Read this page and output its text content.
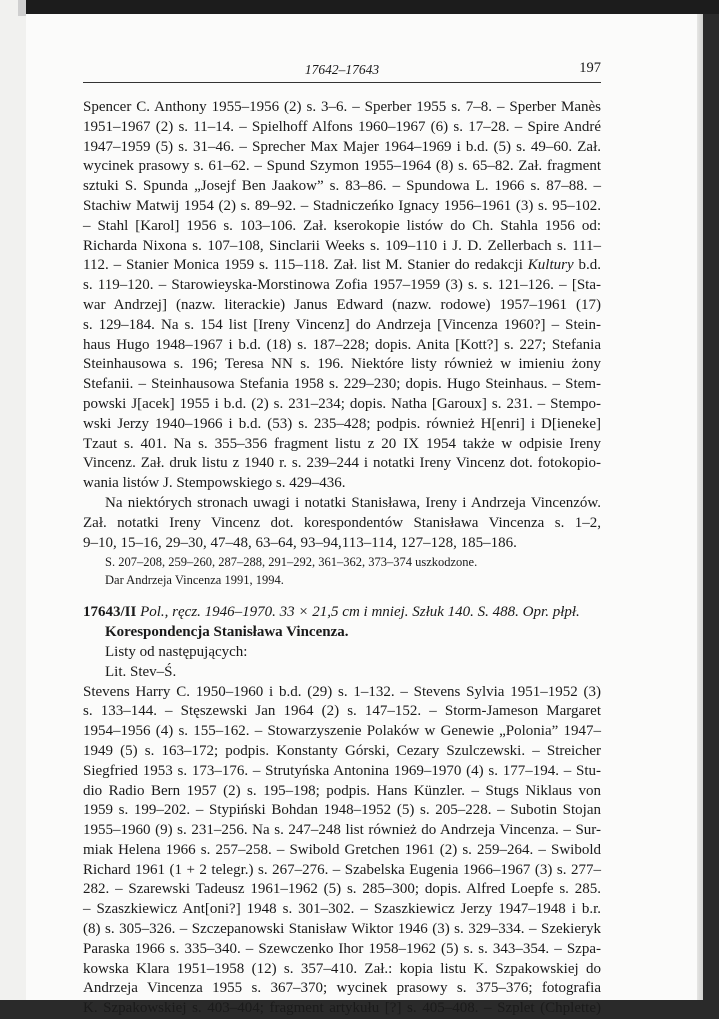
17642–17643	197
Spencer C. Anthony 1955–1956 (2) s. 3–6. – Sperber 1955 s. 7–8. – Sperber Manès
1951–1967 (2) s. 11–14. – Spielhoff Alfons 1960–1967 (6) s. 17–28. – Spire André
1947–1959 (5) s. 31–46. – Sprecher Max Majer 1964–1969 i b.d. (5) s. 49–60. Zał.
wycinek prasowy s. 61–62. – Spund Szymon 1955–1964 (8) s. 65–82. Zał. fragment
sztuki S. Spunda „Josejf Ben Jaakow” s. 83–86. – Spundowa L. 1966 s. 87–88. –
Stachiw Matwij 1954 (2) s. 89–92. – Stadniczeńko Ignacy 1956–1961 (3) s. 95–102.
– Stahl [Karol] 1956 s. 103–106. Zał. kserokopie listów do Ch. Stahla 1956 od:
Richarda Nixona s. 107–108, Sinclarii Weeks s. 109–110 i J. D. Zellerbach s. 111–
112. – Stanier Monica 1959 s. 115–118. Zał. list M. Stanier do redakcji Kultury b.d.
s. 119–120. – Starowieyska-Morstinowa Zofia 1957–1959 (3) s. s. 121–126. – [Sta-
war Andrzej] (nazw. literackie) Janus Edward (nazw. rodowe) 1957–1961 (17)
s. 129–184. Na s. 154 list [Ireny Vincenz] do Andrzeja [Vincenza 1960?] – Stein-
haus Hugo 1948–1967 i b.d. (18) s. 187–228; dopis. Anita [Kott?] s. 227; Stefania
Steinhausowa s. 196; Teresa NN s. 196. Niektóre listy również w imieniu żony
Stefanii. – Steinhausowa Stefania 1958 s. 229–230; dopis. Hugo Steinhaus. – Stem-
powski J[acek] 1955 i b.d. (2) s. 231–234; dopis. Natha [Garoux] s. 231. – Stempo-
wski Jerzy 1940–1966 i b.d. (53) s. 235–428; podpis. również H[enri] i D[ieneke]
Tzaut s. 401. Na s. 355–356 fragment listu z 20 IX 1954 także w odpisie Ireny
Vincenz. Zał. druk listu z 1940 r. s. 239–244 i notatki Ireny Vincenz dot. fotokopio-
wania listów J. Stempowskiego s. 429–436.
Na niektórych stronach uwagi i notatki Stanisława, Ireny i Andrzeja Vincenzów.
Zał. notatki Ireny Vincenz dot. korespondentów Stanisława Vincenza s. 1–2,
9–10, 15–16, 29–30, 47–48, 63–64, 93–94,113–114, 127–128, 185–186.
S. 207–208, 259–260, 287–288, 291–292, 361–362, 373–374 uszkodzone.
Dar Andrzeja Vincenza 1991, 1994.
17643/II Pol., ręcz. 1946–1970. 33 × 21,5 cm i mniej. Szłuk 140. S. 488. Opr. płpł.
Korespondencja Stanisława Vincenza.
Listy od następujących:
Lit. Stev–Ś.
Stevens Harry C. 1950–1960 i b.d. (29) s. 1–132. – Stevens Sylvia 1951–1952 (3)
s. 133–144. – Stęszewski Jan 1964 (2) s. 147–152. – Storm-Jameson Margaret
1954–1956 (4) s. 155–162. – Stowarzyszenie Polaków w Genewie „Polonia” 1947–
1949 (5) s. 163–172; podpis. Konstanty Górski, Cezary Szulczewski. – Streicher
Siegfried 1953 s. 173–176. – Strutyńska Antonina 1969–1970 (4) s. 177–194. – Stu-
dio Radio Bern 1957 (2) s. 195–198; podpis. Hans Künzler. – Stugs Niklaus von
1959 s. 199–202. – Stypiński Bohdan 1948–1952 (5) s. 205–228. – Subotin Stojan
1955–1960 (9) s. 231–256. Na s. 247–248 list również do Andrzeja Vincenza. – Sur-
miak Helena 1966 s. 257–258. – Swibold Gretchen 1961 (2) s. 259–264. – Swibold
Richard 1961 (1 + 2 telegr.) s. 267–276. – Szabelska Eugenia 1966–1967 (3) s. 277–
282. – Szarewski Tadeusz 1961–1962 (5) s. 285–300; dopis. Alfred Loepfe s. 285.
– Szaszkiewicz Ant[oni?] 1948 s. 301–302. – Szaszkiewicz Jerzy 1947–1948 i b.r.
(8) s. 305–326. – Szczepanowski Stanisław Wiktor 1946 (3) s. 329–334. – Szekieryk
Paraska 1966 s. 335–340. – Szewczenko Ihor 1958–1962 (5) s. s. 343–354. – Szpa-
kowska Klara 1951–1958 (12) s. 357–410. Zał.: kopia listu K. Szpakowskiej do
Andrzeja Vincenza 1955 s. 367–370; wycinek prasowy s. 375–376; fotografia
K. Szpakowskiej s. 403–404; fragment artykułu [?] s. 405–408. – Szplet (Chplette)
